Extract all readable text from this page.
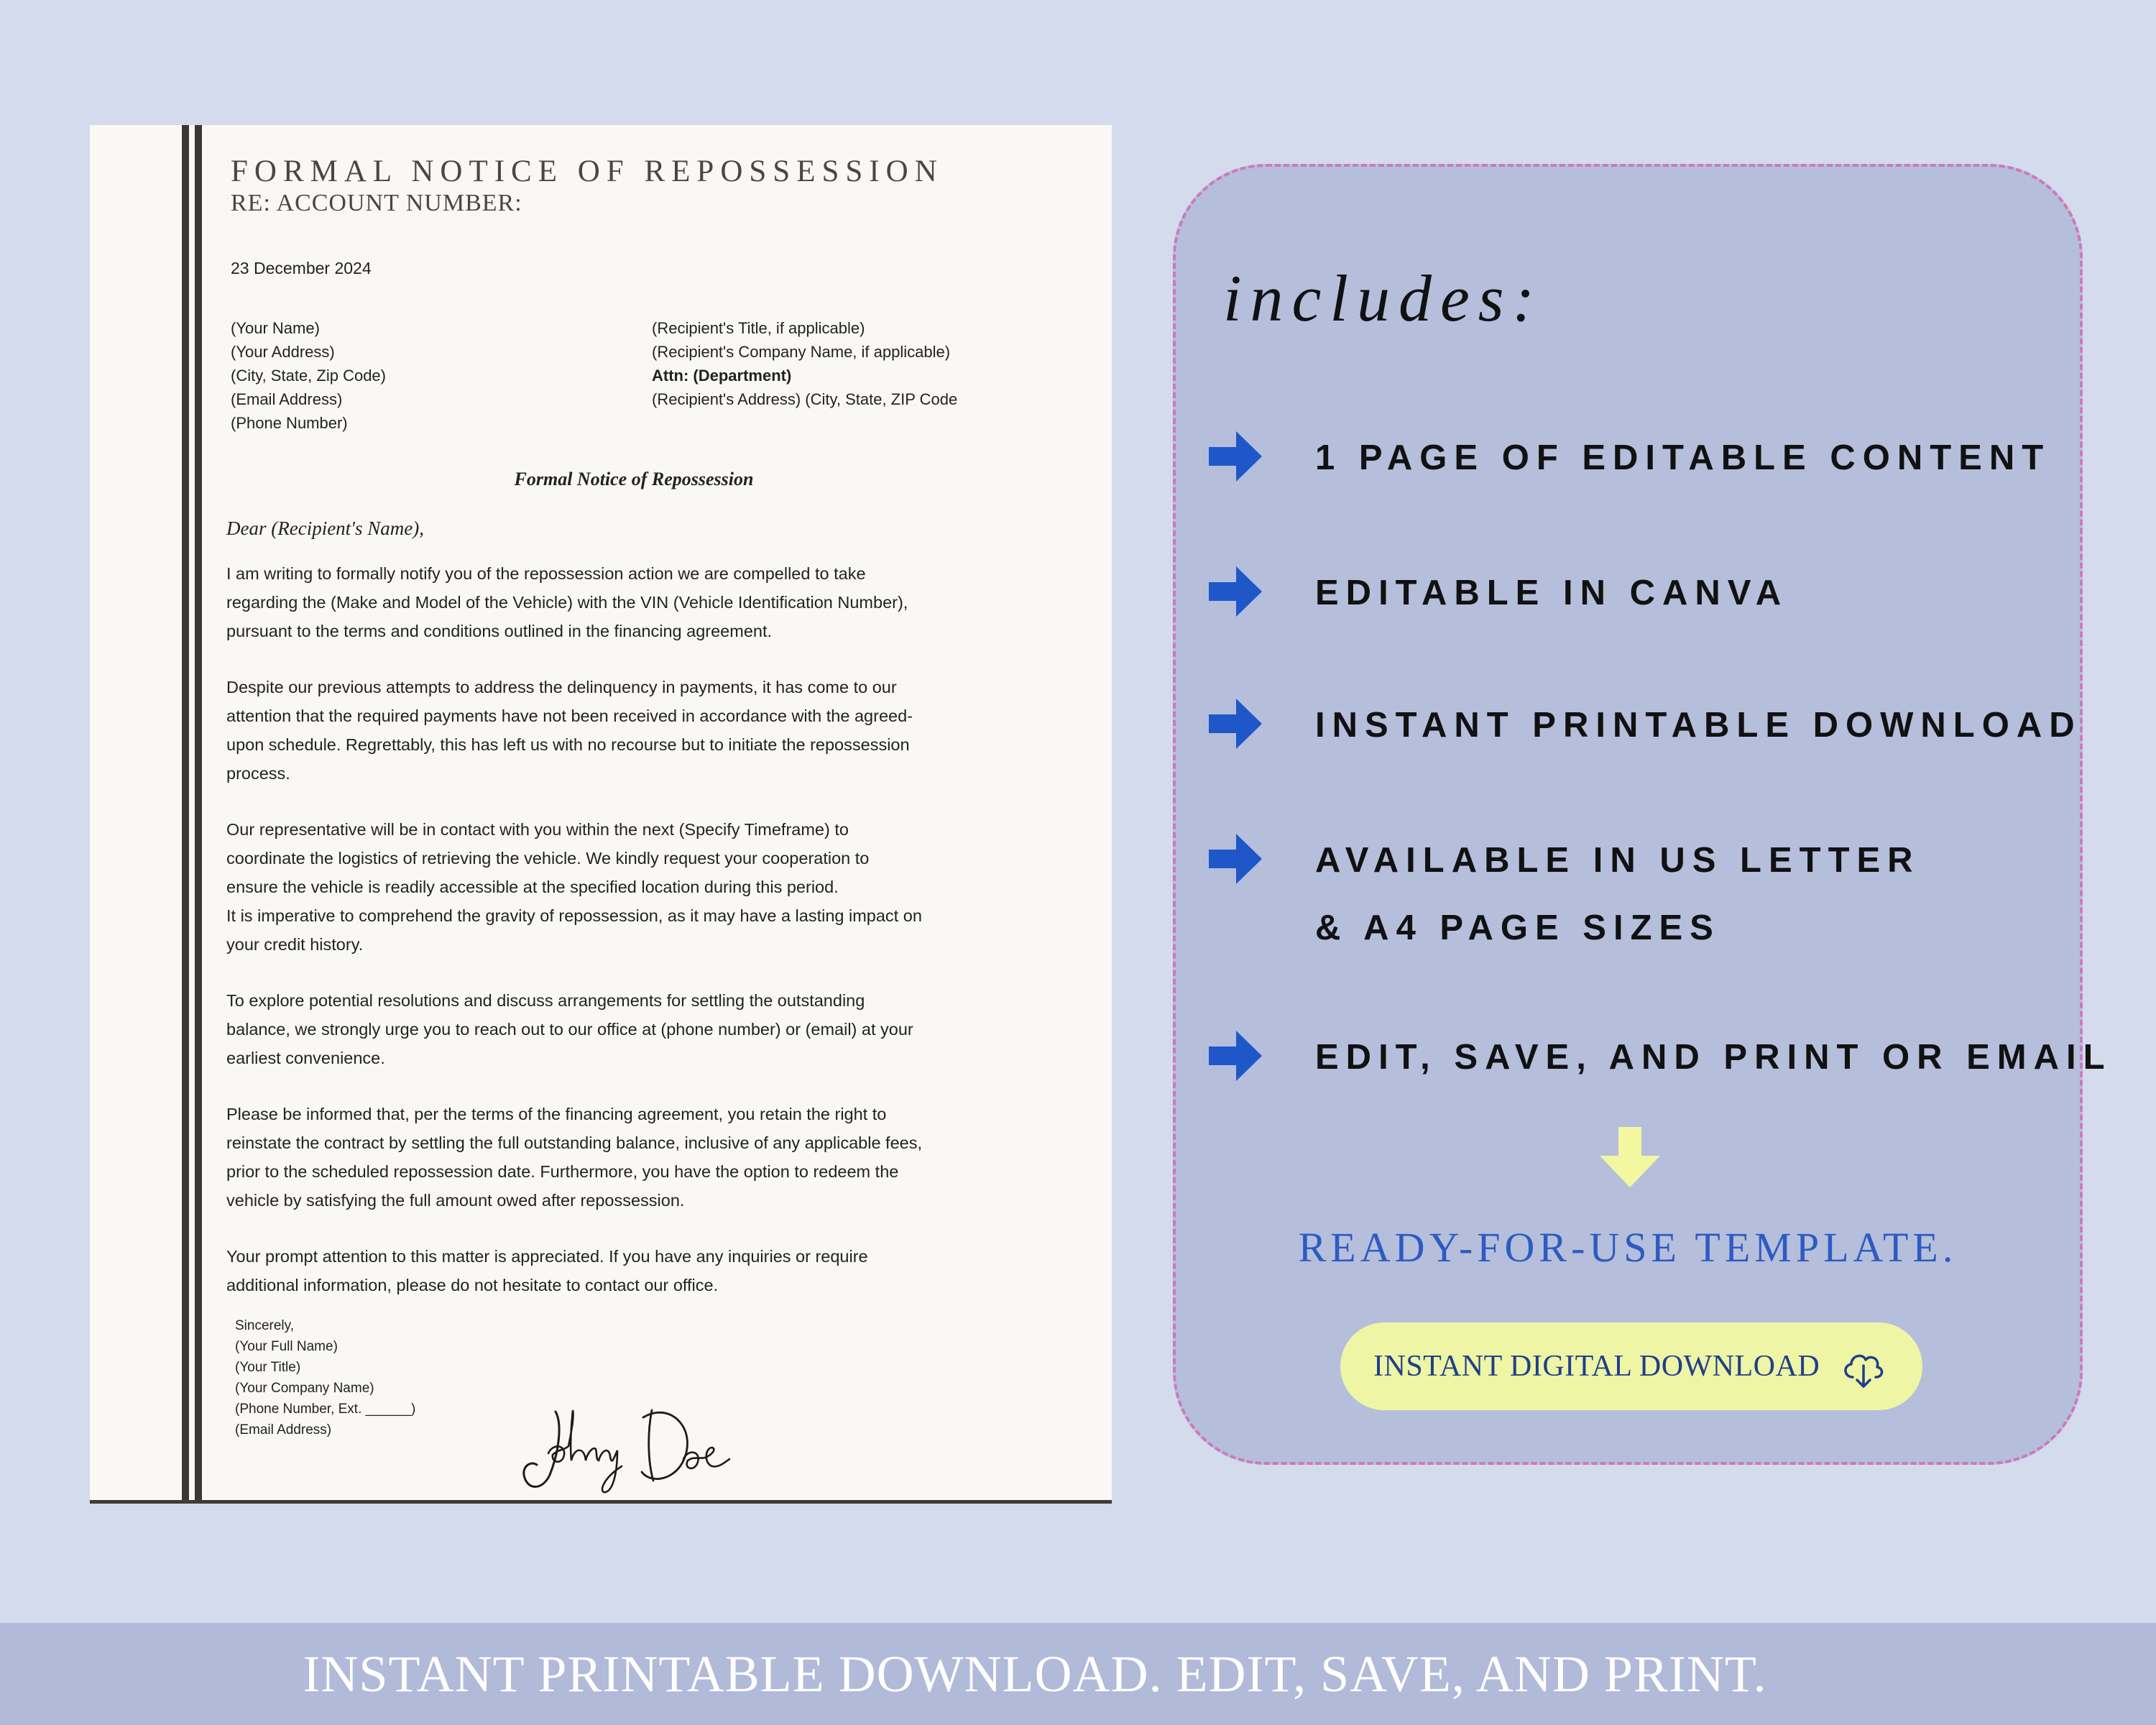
FORMAL NOTICE OF REPOSSESSION
RE: ACCOUNT NUMBER:
23 December 2024
(Your Name)
(Your Address)
(City, State, Zip Code)
(Email Address)
(Phone Number)
(Recipient's Title, if applicable)
(Recipient's Company Name, if applicable)
Attn: (Department)
(Recipient's Address) (City, State, ZIP Code
Formal Notice of Repossession
Dear (Recipient's Name),

I am writing to formally notify you of the repossession action we are compelled to take
regarding the (Make and Model of the Vehicle) with the VIN (Vehicle Identification Number),
pursuant to the terms and conditions outlined in the financing agreement.

Despite our previous attempts to address the delinquency in payments, it has come to our
attention that the required payments have not been received in accordance with the agreed-
upon schedule. Regrettably, this has left us with no recourse but to initiate the repossession
process.

Our representative will be in contact with you within the next (Specify Timeframe) to
coordinate the logistics of retrieving the vehicle. We kindly request your cooperation to
ensure the vehicle is readily accessible at the specified location during this period.
It is imperative to comprehend the gravity of repossession, as it may have a lasting impact on
your credit history.

To explore potential resolutions and discuss arrangements for settling the outstanding
balance, we strongly urge you to reach out to our office at (phone number) or (email) at your
earliest convenience.

Please be informed that, per the terms of the financing agreement, you retain the right to
reinstate the contract by settling the full outstanding balance, inclusive of any applicable fees,
prior to the scheduled repossession date. Furthermore, you have the option to redeem the
vehicle by satisfying the full amount owed after repossession.

Your prompt attention to this matter is appreciated. If you have any inquiries or require
additional information, please do not hesitate to contact our office.

Sincerely,
(Your Full Name)
(Your Title)
(Your Company Name)
(Phone Number, Ext. ______)
(Email Address)
includes:
1 PAGE OF EDITABLE CONTENT
EDITABLE IN CANVA
INSTANT PRINTABLE DOWNLOAD
AVAILABLE IN US LETTER
& A4 PAGE SIZES
EDIT, SAVE, AND PRINT OR EMAIL
READY-FOR-USE TEMPLATE.
INSTANT DIGITAL DOWNLOAD
INSTANT PRINTABLE DOWNLOAD. EDIT, SAVE, AND PRINT.
